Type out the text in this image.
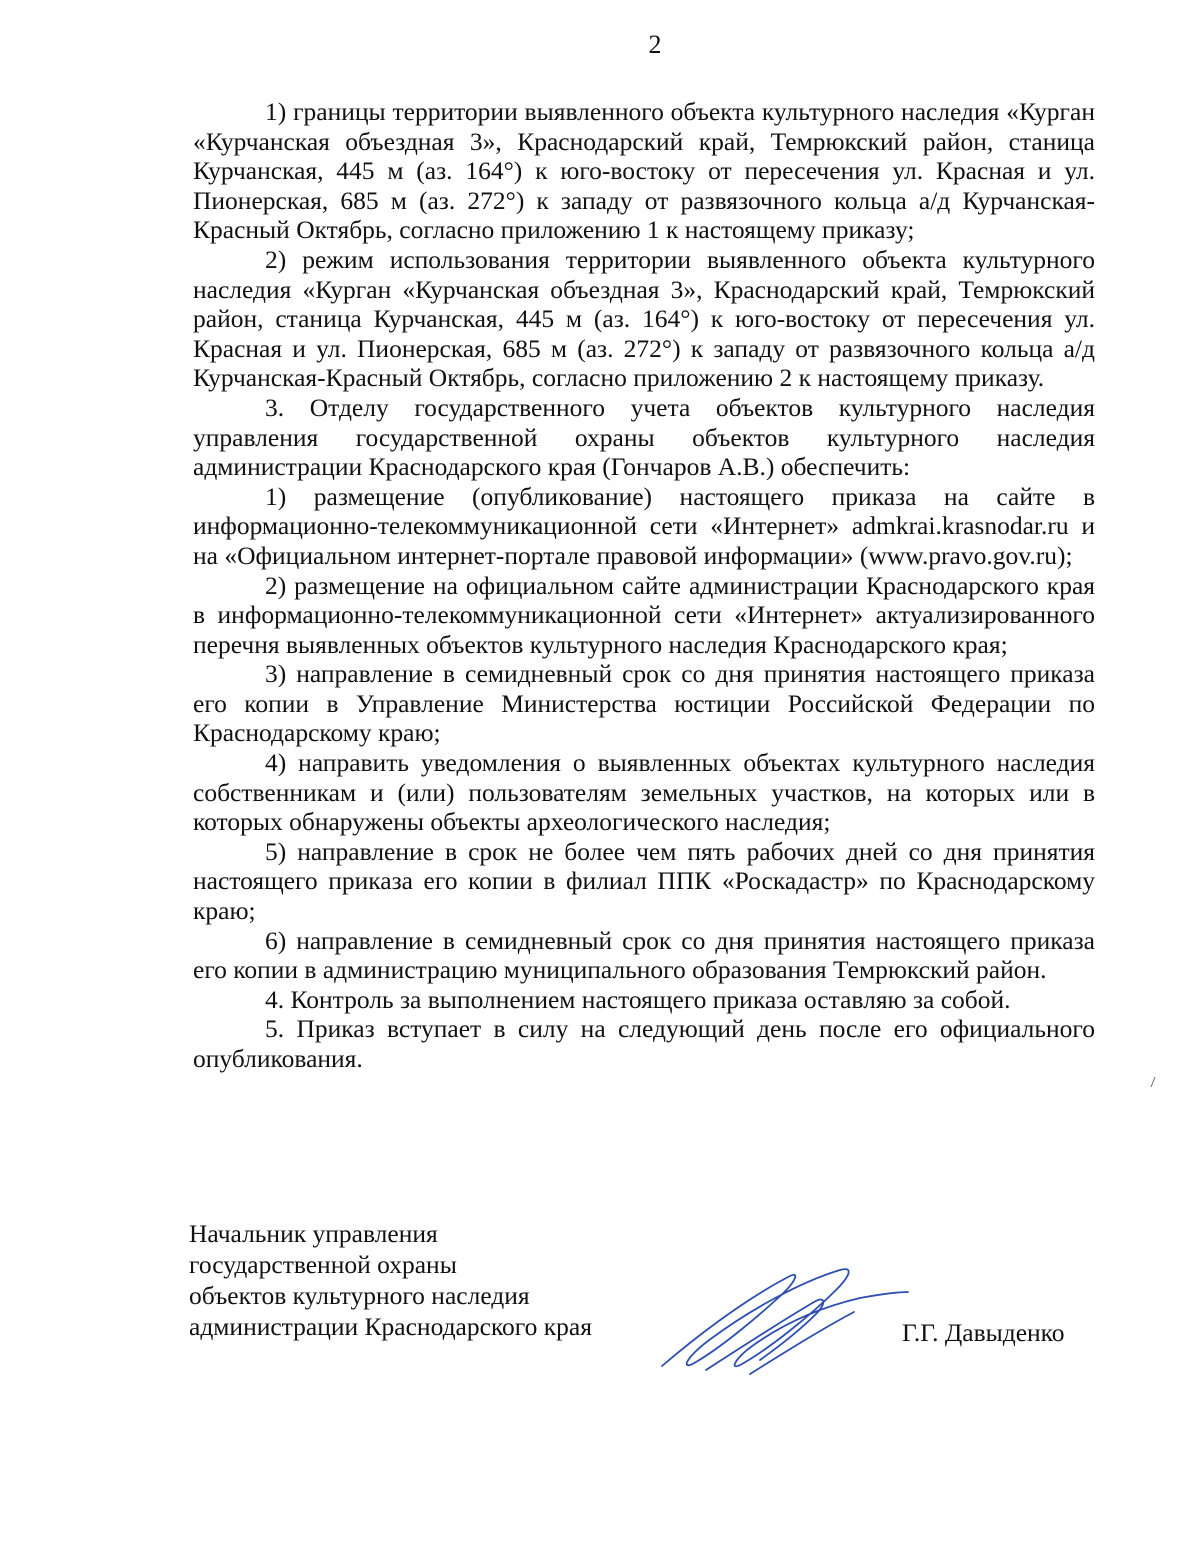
2

1) границы территории выявленного объекта культурного наследия «Курган «Курчанская объездная 3», Краснодарский край, Темрюкский район, станица Курчанская, 445 м (аз. 164°) к юго-востоку от пересечения ул. Красная и ул. Пионерская, 685 м (аз. 272°) к западу от развязочного кольца а/д Курчанская-Красный Октябрь, согласно приложению 1 к настоящему приказу;

2) режим использования территории выявленного объекта культурного наследия «Курган «Курчанская объездная 3», Краснодарский край, Темрюкский район, станица Курчанская, 445 м (аз. 164°) к юго-востоку от пересечения ул. Красная и ул. Пионерская, 685 м (аз. 272°) к западу от развязочного кольца а/д Курчанская-Красный Октябрь, согласно приложению 2 к настоящему приказу.

3. Отделу государственного учета объектов культурного наследия управления государственной охраны объектов культурного наследия администрации Краснодарского края (Гончаров А.В.) обеспечить:

1) размещение (опубликование) настоящего приказа на сайте в информационно-телекоммуникационной сети «Интернет» admkrai.krasnodar.ru и на «Официальном интернет-портале правовой информации» (www.pravo.gov.ru);

2) размещение на официальном сайте администрации Краснодарского края в информационно-телекоммуникационной сети «Интернет» актуализированного перечня выявленных объектов культурного наследия Краснодарского края;

3) направление в семидневный срок со дня принятия настоящего приказа его копии в Управление Министерства юстиции Российской Федерации по Краснодарскому краю;

4) направить уведомления о выявленных объектах культурного наследия собственникам и (или) пользователям земельных участков, на которых или в которых обнаружены объекты археологического наследия;

5) направление в срок не более чем пять рабочих дней со дня принятия настоящего приказа его копии в филиал ППК «Роскадастр» по Краснодарскому краю;

6) направление в семидневный срок со дня принятия настоящего приказа его копии в администрацию муниципального образования Темрюкский район.

4. Контроль за выполнением настоящего приказа оставляю за собой.

5. Приказ вступает в силу на следующий день после его официального опубликования.

Начальник управления
государственной охраны
объектов культурного наследия
администрации Краснодарского края	Г.Г. Давыденко
